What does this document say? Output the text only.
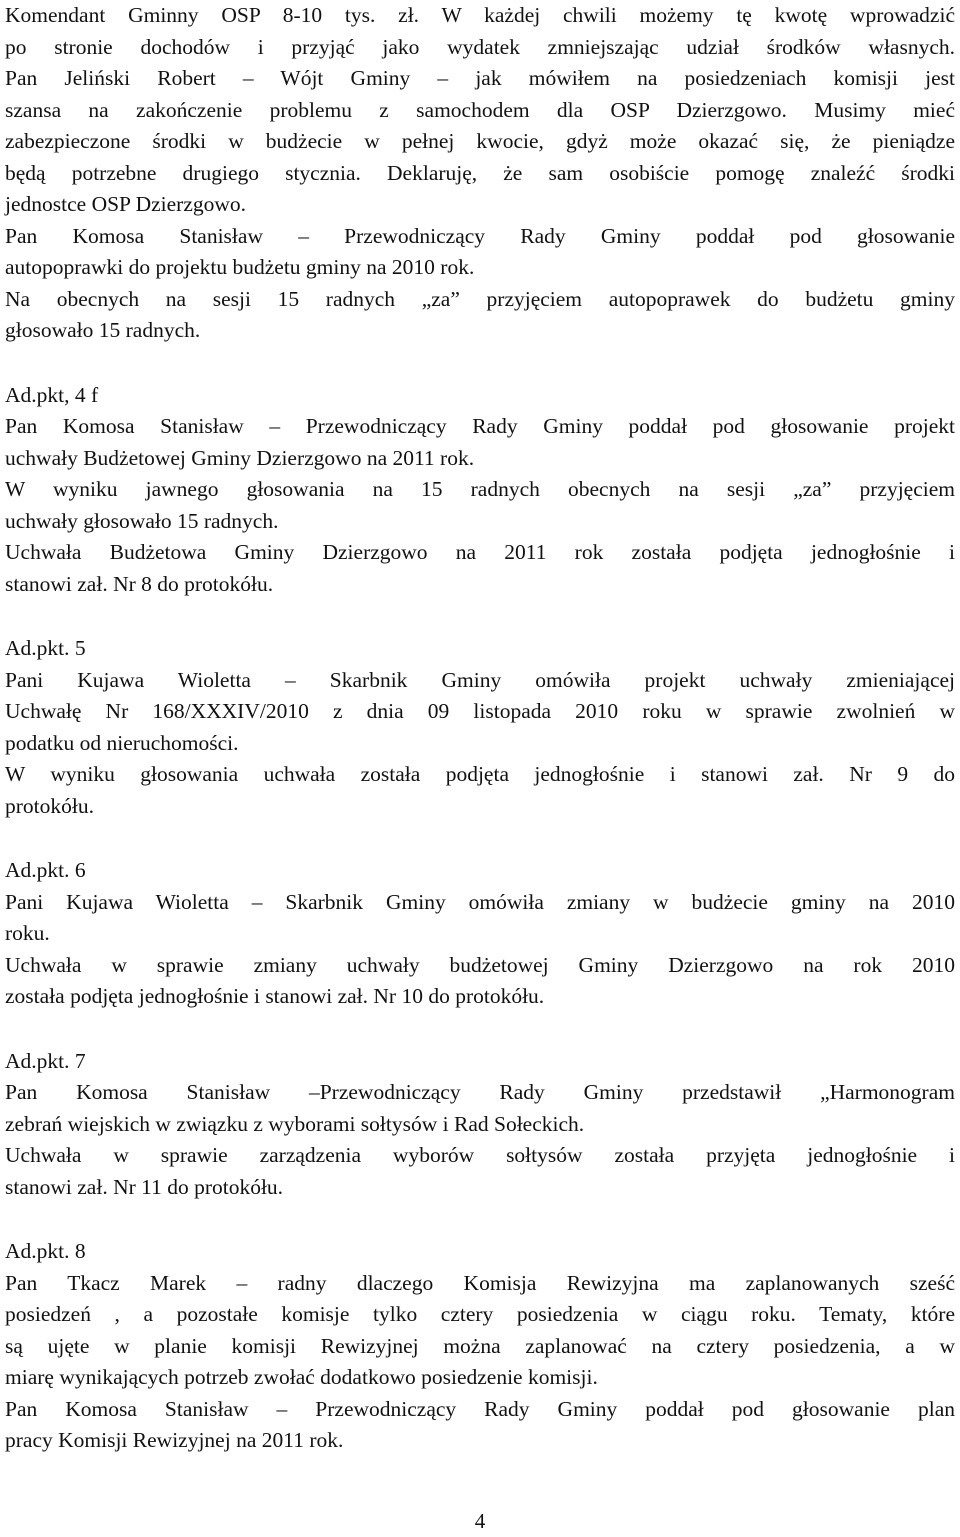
Komendant Gminny OSP 8-10 tys. zł. W każdej chwili możemy tę kwotę wprowadzić
po stronie dochodów i przyjąć jako wydatek zmniejszając udział środków własnych.
Pan Jeliński Robert – Wójt Gminy – jak mówiłem na posiedzeniach komisji jest
szansa na zakończenie problemu z samochodem dla OSP Dzierzgowo. Musimy mieć
zabezpieczone środki w budżecie w pełnej kwocie, gdyż może okazać się, że pieniądze
będą potrzebne drugiego stycznia. Deklaruję, że sam osobiście pomogę znaleźć środki
jednostce OSP Dzierzgowo.
Pan Komosa Stanisław – Przewodniczący Rady Gminy poddał pod głosowanie
autopoprawki do projektu budżetu gminy na 2010 rok.
Na obecnych na sesji 15 radnych „za” przyjęciem autopoprawek do budżetu gminy
głosowało 15 radnych.
Ad.pkt, 4 f
Pan Komosa Stanisław – Przewodniczący Rady Gminy poddał pod głosowanie projekt
uchwały Budżetowej Gminy Dzierzgowo na 2011 rok.
W wyniku jawnego głosowania na 15 radnych obecnych na sesji „za” przyjęciem
uchwały głosowało 15 radnych.
Uchwała Budżetowa Gminy Dzierzgowo na 2011 rok została podjęta jednogłośnie i
stanowi zał. Nr 8 do protokółu.
Ad.pkt. 5
Pani Kujawa Wioletta – Skarbnik Gminy omówiła projekt uchwały zmieniającej
Uchwałę Nr 168/XXXIV/2010 z dnia 09 listopada 2010 roku w sprawie zwolnień w
podatku od nieruchomości.
W wyniku głosowania uchwała została podjęta jednogłośnie i stanowi zał. Nr 9 do
protokółu.
Ad.pkt. 6
Pani Kujawa Wioletta – Skarbnik Gminy omówiła zmiany w budżecie gminy na 2010
roku.
Uchwała w sprawie zmiany uchwały budżetowej Gminy Dzierzgowo na rok 2010
została podjęta jednogłośnie i stanowi zał. Nr 10 do protokółu.
Ad.pkt. 7
Pan Komosa Stanisław –Przewodniczący Rady Gminy przedstawił „Harmonogram
zebrań wiejskich w związku z wyborami sołtysów i Rad Sołeckich.
Uchwała w sprawie zarządzenia wyborów sołtysów została przyjęta jednogłośnie i
stanowi zał. Nr 11 do protokółu.
Ad.pkt. 8
Pan Tkacz Marek – radny dlaczego Komisja Rewizyjna ma zaplanowanych sześć
posiedzeń , a pozostałe komisje tylko cztery posiedzenia w ciągu roku. Tematy, które
są ujęte w planie komisji Rewizyjnej można zaplanować na cztery posiedzenia, a w
miarę wynikających potrzeb zwołać dodatkowo posiedzenie komisji.
Pan Komosa Stanisław – Przewodniczący Rady Gminy poddał pod głosowanie plan
pracy Komisji Rewizyjnej na 2011 rok.
4
